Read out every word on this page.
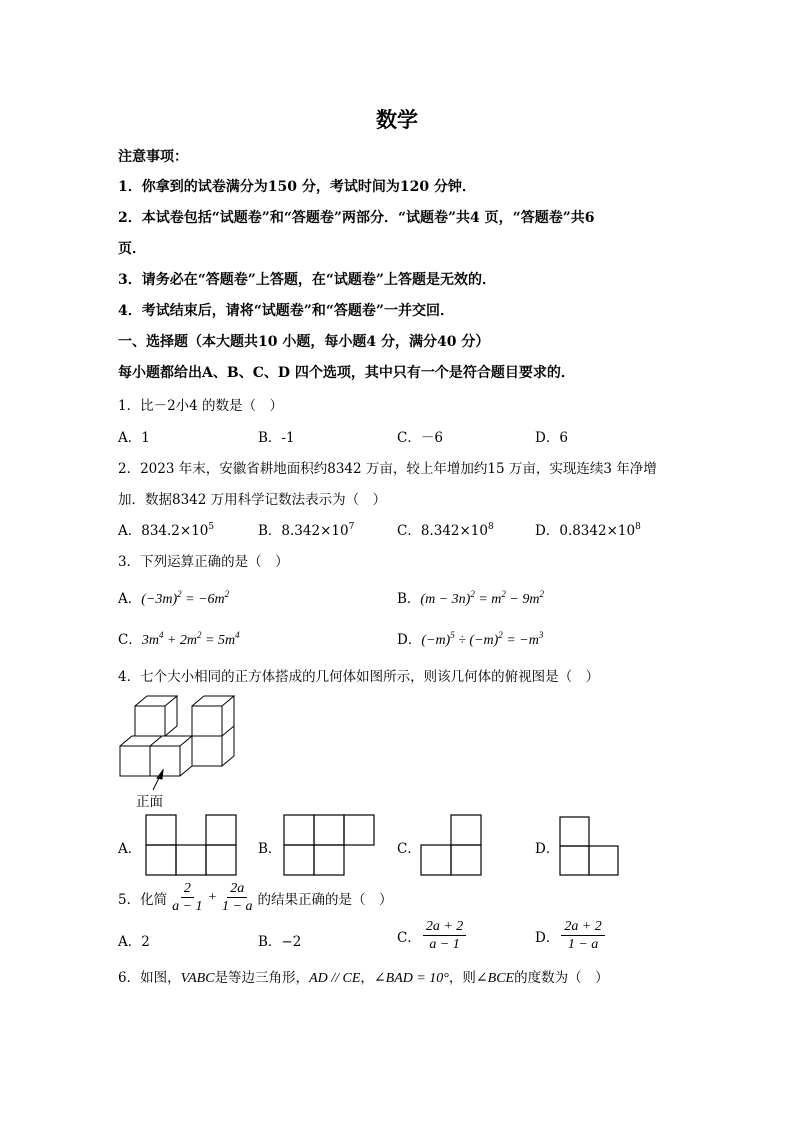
数学
注意事项：
1．你拿到的试卷满分为150 分，考试时间为120 分钟．
2．本试卷包括“试题卷”和“答题卷”两部分．“试题卷”共4 页，“答题卷”共6
页．
3．请务必在“答题卷”上答题，在“试题卷”上答题是无效的．
4．考试结束后，请将“试题卷”和“答题卷”一并交回．
一、选择题（本大题共10 小题，每小题4 分，满分40 分）
每小题都给出A、B、C、D 四个选项，其中只有一个是符合题目要求的．
1．比－2小4 的数是（　）
A．1	B．-1	C．－6	D．6
2．2023 年末，安徽省耕地面积约8342 万亩，较上年增加约15 万亩，实现连续3 年净增
加．数据8342 万用科学记数法表示为（　）
A．$834.2\times 10^5$	B．$8.342\times 10^7$	C．$8.342\times 10^8$	D．$0.8342\times 10^8$
3．下列运算正确的是（　）
A．$(-3m)^2 = -6m^2$	B．$(m - 3n)^2 = m^2 - 9m^2$
C．$3m^4 + 2m^2 = 5m^4$	D．$(-m)^5 \div (-m)^2 = -m^3$
4．七个大小相同的正方体搭成的几何体如图所示，则该几何体的俯视图是（　）
正面
A．	B．	C．	D．
5．化简 $\frac{2}{a - 1} + \frac{2a}{1 - a}$ 的结果正确的是（　）
A．2	B．−2	C． $\frac{2a + 2}{a - 1}$	D． $\frac{2a + 2}{1 - a}$
6．如图，VABC是等边三角形，AD // CE，∠BAD = 10°，则∠BCE的度数为（　）
